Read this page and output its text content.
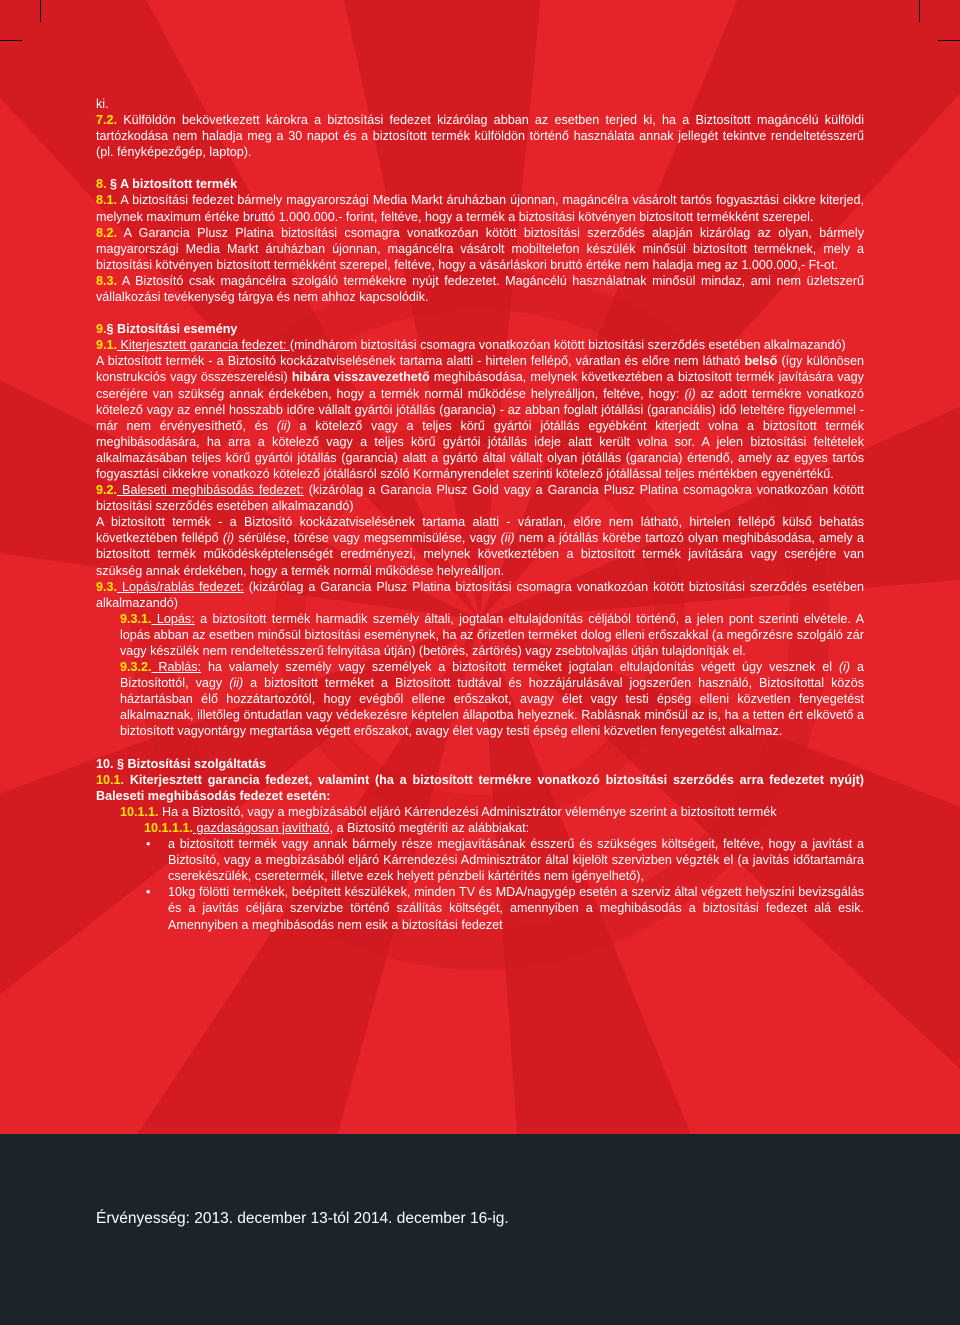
ki.

7.2. Külföldön bekövetkezett károkra a biztosítási fedezet kizárólag abban az esetben terjed ki, ha a Biztosított magáncélú külföldi tartózkodása nem haladja meg a 30 napot és a biztosított termék külföldön történő használata annak jellegét tekintve rendeltetésszerű (pl. fényképezőgép, laptop).

8. § A biztosított termék

8.1. A biztosítási fedezet bármely magyarországi Media Markt áruházban újonnan, magáncélra vásárolt tartós fogyasztási cikkre kiterjed, melynek maximum értéke bruttó 1.000.000.- forint, feltéve, hogy a termék a biztosítási kötvényen biztosított termékként szerepel.

8.2. A Garancia Plusz Platina biztosítási csomagra vonatkozóan kötött biztosítási szerződés alapján kizárólag az olyan, bármely magyarországi Media Markt áruházban újonnan, magáncélra vásárolt mobiltelefon készülék minősül biztosított terméknek, mely a biztosítási kötvényen biztosított termékként szerepel, feltéve, hogy a vásárláskori bruttó értéke nem haladja meg az 1.000.000,- Ft-ot.

8.3. A Biztosító csak magáncélra szolgáló termékekre nyújt fedezetet. Magáncélú használatnak minősül mindaz, ami nem üzletszerű vállalkozási tevékenység tárgya és nem ahhoz kapcsolódik.

9.§ Biztosítási esemény

9.1. Kiterjesztett garancia fedezet: (mindhárom biztosítási csomagra vonatkozóan kötött biztosítási szerződés esetében alkalmazandó)

A biztosított termék - a Biztosító kockázatviselésének tartama alatti - hirtelen fellépő, váratlan és előre nem látható belső (így különösen konstrukciós vagy összeszerelési) hibára visszavezethető meghibásodása, melynek következtében a biztosított termék javítására vagy cseréjére van szükség annak érdekében, hogy a termék normál működése helyreálljon, feltéve, hogy: (i) az adott termékre vonatkozó kötelező vagy az ennél hosszabb időre vállalt gyártói jótállás (garancia) - az abban foglalt jótállási (garanciális) idő leteltére figyelemmel - már nem érvényesíthető, és (ii) a kötelező vagy a teljes körű gyártói jótállás egyébként kiterjedt volna a biztosított termék meghibásodására, ha arra a kötelező vagy a teljes körű gyártói jótállás ideje alatt került volna sor. A jelen biztosítási feltételek alkalmazásában teljes körű gyártói jótállás (garancia) alatt a gyártó által vállalt olyan jótállás (garancia) értendő, amely az egyes tartós fogyasztási cikkekre vonatkozó kötelező jótállásról szóló Kormányrendelet szerinti kötelező jótállással teljes mértékben egyenértékű.

9.2. Baleseti meghibásodás fedezet: (kizárólag a Garancia Plusz Gold vagy a Garancia Plusz Platina csomagokra vonatkozóan kötött biztosítási szerződés esetében alkalmazandó)

A biztosított termék - a Biztosító kockázatviselésének tartama alatti - váratlan, előre nem látható, hirtelen fellépő külső behatás következtében fellépő (i) sérülése, törése vagy megsemmisülése, vagy (ii) nem a jótállás körébe tartozó olyan meghibásodása, amely a biztosított termék működésképtelenségét eredményezi, melynek következtében a biztosított termék javítására vagy cseréjére van szükség annak érdekében, hogy a termék normál működése helyreálljon.

9.3. Lopás/rablás fedezet: (kizárólag a Garancia Plusz Platina biztosítási csomagra vonatkozóan kötött biztosítási szerződés esetében alkalmazandó)

9.3.1. Lopás: a biztosított termék harmadik személy általi, jogtalan eltulajdonítás céljából történő, a jelen pont szerinti elvétele. A lopás abban az esetben minősül biztosítási eseménynek, ha az őrizetlen terméket dolog elleni erőszakkal (a megőrzésre szolgáló zár vagy készülék nem rendeltetésszerű felnyitása útján) (betörés, zártörés) vagy zsebtolvajlás útján tulajdonítják el.

9.3.2. Rablás: ha valamely személy vagy személyek a biztosított terméket jogtalan eltulajdonítás végett úgy vesznek el (i) a Biztosítottól, vagy (ii) a biztosított terméket a Biztosított tudtával és hozzájárulásával jogszerűen használó, Biztosítottal közös háztartásban élő hozzátartozótól, hogy evégből ellene erőszakot, avagy élet vagy testi épség elleni közvetlen fenyegetést alkalmaznak, illetőleg öntudatlan vagy védekezésre képtelen állapotba helyeznek. Rablásnak minősül az is, ha a tetten ért elkövető a biztosított vagyontárgy megtartása végett erőszakot, avagy élet vagy testi épség elleni közvetlen fenyegetést alkalmaz.

10. § Biztosítási szolgáltatás

10.1. Kiterjesztett garancia fedezet, valamint (ha a biztosított termékre vonatkozó biztosítási szerződés arra fedezetet nyújt) Baleseti meghibásodás fedezet esetén:

10.1.1. Ha a Biztosító, vagy a megbízásából eljáró Kárrendezési Adminisztrátor véleménye szerint a biztosított termék

10.1.1.1. gazdaságosan javítható, a Biztosító megtéríti az alábbiakat:

• a biztosított termék vagy annak bármely része megjavításának ésszerű és szükséges költségeit, feltéve, hogy a javítást a Biztosító, vagy a megbízásából eljáró Kárrendezési Adminisztrátor által kijelölt szervizben végzték el (a javítás időtartamára cserekészülék, cseretermék, illetve ezek helyett pénzbeli kártérítés nem igényelhető),
• 10kg fölötti termékek, beépített készülékek, minden TV és MDA/nagygép esetén a szerviz által végzett helyszíni bevizsgálás és a javítás céljára szervizbe történő szállítás költségét, amennyiben a meghibásodás a biztosítási fedezet alá esik. Amennyiben a meghibásodás nem esik a biztosítási fedezet
Érvényesség: 2013. december 13-tól 2014. december 16-ig.
